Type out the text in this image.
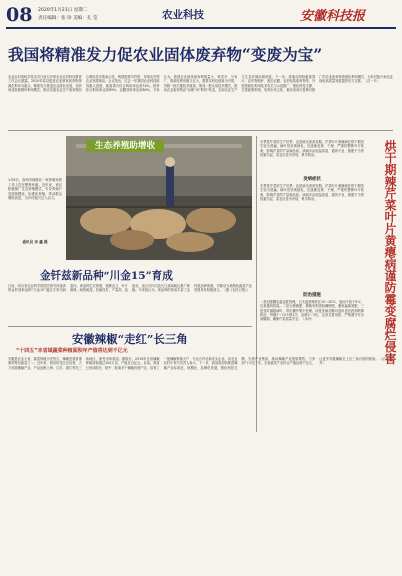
08	2020年1月21日 星期二
责任编辑：张 珍 美编：孔 莹	农业科技	安徽科技报
我国将精准发力促农业固体废弃物“变废为宝”
农业农村部科学技术司日前召开的农业农村科技教育工作会议透露，2020年将以促进农业固体废弃物资源化利用为重点，精准发力推进农业绿色发展，加快形成资源循环利用模式，推动实施农业生产废弃物综合利用技术集成示范，构建资源节约型、环境友好型农业发展格局。会议指出，过去一年我国农业科技取得重大进展，畜禽粪污综合利用率达到74%，秸秆综合利用率达到85%，农膜回收率达到80%。专家认为，我国农业固体废弃物数量大、种类多、分布广，资源化利用潜力巨大，需要以科技创新为引领，突破一批关键技术瓶颈，集成一批实用技术模式，推动农业废弃物由“治理”向“利用”转变，实现农业生产与生态环境协调发展。下一步，将重点围绕畜禽粪污、农作物秸秆、废旧农膜、农药包装废弃物等，开展资源化利用技术攻关与示范推广，强化科技支撑，完善政策机制，培育市场主体，推动形成可复制可推广的农业废弃物资源化利用模式，为乡村振兴和农业绿色高质量发展提供有力支撑。（吉一平）
生态养殖助增收
1月8日，宿州市埇桥区一家养殖场的工作人员在喂养家畜。近年来，该区积极推广生态养殖模式，引导养殖户发展规模化、标准化养殖，带动群众增收致富，为乡村振兴注入活力。
通讯员 李 鑫 摄
冬季是芹菜的生产旺季，也是病虫害高发期。芹菜叶片黄瘪病在烘干期发生较为普遍，病叶初呈黄绿色，后逐渐变黄、干瘪，严重时整株叶片枯黄，影响芹菜的产量和品质。该病多由低温高湿、通风不良、施肥不当等因素引起，菜农应及早识别，科学防治。
发病症状
冬季是芹菜的生产旺季，也是病虫害高发期。芹菜叶片黄瘪病在烘干期发生较为普遍，病叶初呈黄绿色，后逐渐变黄、干瘪，严重时整株叶片枯黄，影响芹菜的产量和品质。该病多由低温高湿、通风不良、施肥不当等因素引起，菜农应及早识别，科学防治。
防治措施
一是加强棚室温湿度管理，白天温度保持在15～20℃，夜间不低于5℃，注意通风排湿。二是合理施肥，增施有机肥和磷钾肥，避免偏施氮肥。三是及时摘除病叶，带出棚外集中处理。四是发病初期可选用适宜药剂喷雾防治，每隔7～10天喷1次，连喷2～3次，注意交替用药，严格遵守安全间隔期，确保芹菜质量安全。（本刊）	烘干期辣芹菜叶片黄瘪病谨防霉变腐烂侵害
金钎兹新品种“川金15”育成
日前，四川省农业科学院园艺研究所选育的金钎兹新品种“川金15”通过专家田间鉴评。该品种生长势强，植株直立，叶片深绿，耐热耐湿，抗病性好，产量高、品质优，适合在四川及长江流域地区推广种植。专家组认为，该品种的育成丰富了金钎兹品种资源，对推动当地特色蔬菜产业发展具有积极意义。（据《农民日报》）
安徽辣椒“走红”长三角
“十四五”末省域蔬菜种植面积年产值将达到千亿元
安徽是农业大省，蔬菜种植历史悠久，辣椒是我省重要的特色蔬菜之一。近年来，我省依托区位优势，大力发展辣椒产业，产品远销上海、江苏、浙江等长三角地区，深受市场欢迎。据统计，2019年全省辣椒种植面积超过100万亩，产值近百亿元。目前，我省已形成皖北、皖中、皖南多个辣椒优势产区，培育了一批辣椒种植大户、专业合作社和龙头企业。省农业农村厅有关负责人表示，下一步，我省将加快推进辣椒产业标准化、规模化、品牌化发展，强化科技支撑，完善产业链条，推动辣椒产业提质增效，力争到“十四五”末，全省蔬菜产业综合产值达到千亿元，让更多安徽辣椒走上长三角百姓的餐桌。（记者 王 芳）
